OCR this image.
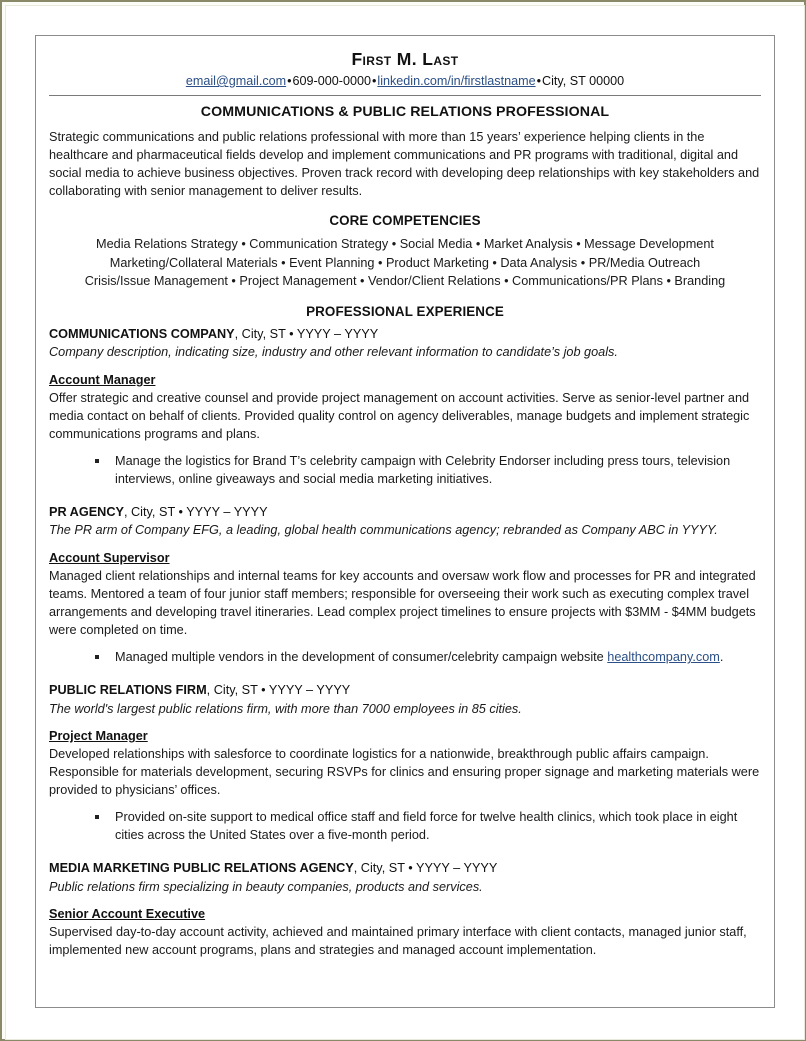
First M. Last
email@gmail.com•609-000-0000•linkedin.com/in/firstlastname•City, ST 00000
COMMUNICATIONS & PUBLIC RELATIONS PROFESSIONAL

Strategic communications and public relations professional with more than 15 years’ experience helping clients in the healthcare and pharmaceutical fields develop and implement communications and PR programs with traditional, digital and social media to achieve business objectives. Proven track record with developing deep relationships with key stakeholders and collaborating with senior management to deliver results.

CORE COMPETENCIES
Media Relations Strategy • Communication Strategy • Social Media • Market Analysis • Message Development
Marketing/Collateral Materials • Event Planning • Product Marketing • Data Analysis • PR/Media Outreach
Crisis/Issue Management • Project Management • Vendor/Client Relations • Communications/PR Plans • Branding
PROFESSIONAL EXPERIENCE
COMMUNICATIONS COMPANY, City, ST • YYYY – YYYY
Company description, indicating size, industry and other relevant information to candidate’s job goals.
Account Manager

Offer strategic and creative counsel and provide project management on account activities. Serve as senior-level partner and media contact on behalf of clients. Provided quality control on agency deliverables, manage budgets and implement strategic communications programs and plans.

Manage the logistics for Brand T’s celebrity campaign with Celebrity Endorser including press tours, television interviews, online giveaways and social media marketing initiatives.
PR AGENCY, City, ST • YYYY – YYYY
The PR arm of Company EFG, a leading, global health communications agency; rebranded as Company ABC in YYYY.
Account Supervisor

Managed client relationships and internal teams for key accounts and oversaw work flow and processes for PR and integrated teams. Mentored a team of four junior staff members; responsible for overseeing their work such as executing complex travel arrangements and developing travel itineraries. Lead complex project timelines to ensure projects with $3MM - $4MM budgets were completed on time.

Managed multiple vendors in the development of consumer/celebrity campaign website healthcompany.com.
PUBLIC RELATIONS FIRM, City, ST • YYYY – YYYY
The world's largest public relations firm, with more than 7000 employees in 85 cities.
Project Manager

Developed relationships with salesforce to coordinate logistics for a nationwide, breakthrough public affairs campaign. Responsible for materials development, securing RSVPs for clinics and ensuring proper signage and marketing materials were provided to physicians’ offices.

Provided on-site support to medical office staff and field force for twelve health clinics, which took place in eight cities across the United States over a five-month period.
MEDIA MARKETING PUBLIC RELATIONS AGENCY, City, ST • YYYY – YYYY
Public relations firm specializing in beauty companies, products and services.
Senior Account Executive

Supervised day-to-day account activity, achieved and maintained primary interface with client contacts, managed junior staff, implemented new account programs, plans and strategies and managed account implementation.
